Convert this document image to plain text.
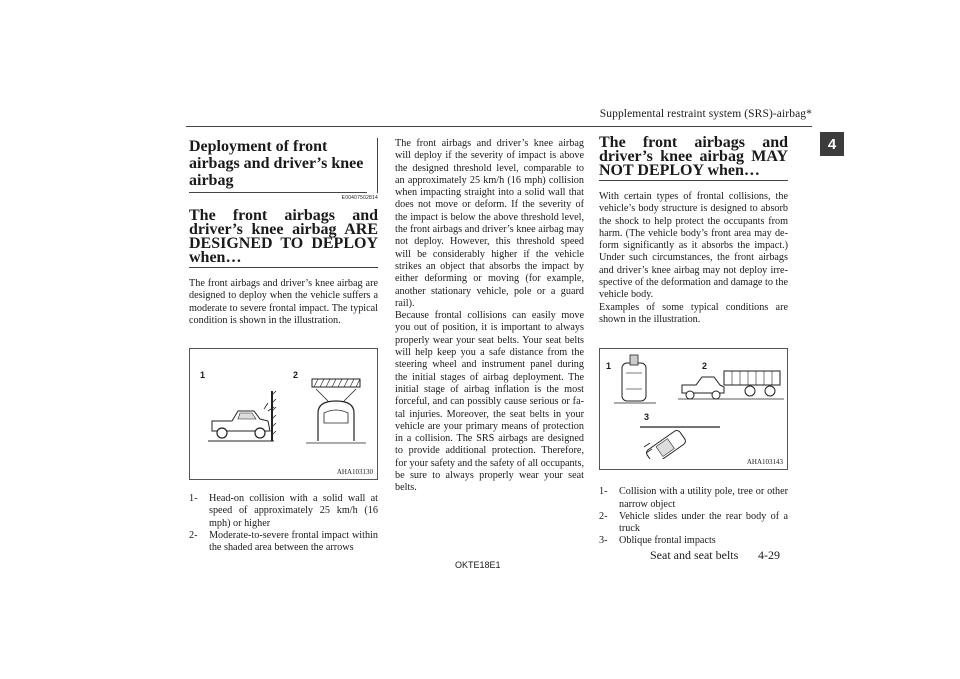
Supplemental restraint system (SRS)-airbag*
4
Deployment of front airbags and driver’s knee airbag
E00407502814
The front airbags and driver’s knee airbag ARE DESIGNED TO DEPLOY when…

The front airbags and driver’s knee airbag are designed to deploy when the vehicle suffers a moderate to severe frontal impact. The typical condition is shown in the illustration.

1	2
AHA103130
1-	Head-on collision with a solid wall at speed of approximately 25 km/h (16 mph) or higher
2-	Moderate-to-severe frontal impact within the shaded area between the arrows

The front airbags and driver’s knee airbag will deploy if the severity of impact is above the designed threshold level, comparable to an approximately 25 km/h (16 mph) collision when impacting straight into a solid wall that does not move or deform. If the severity of the impact is below the above threshold level, the front airbags and driver’s knee airbag may not deploy. However, this threshold speed will be considerably higher if the vehicle strikes an object that absorbs the impact by either deforming or moving (for example, another stationary vehicle, pole or a guard rail).

Because frontal collisions can easily move you out of position, it is important to always properly wear your seat belts. Your seat belts will help keep you a safe distance from the steering wheel and instrument panel during the initial stages of airbag deployment. The initial stage of airbag inflation is the most forceful, and can possibly cause serious or fatal injuries. Moreover, the seat belts in your vehicle are your primary means of protection in a collision. The SRS airbags are designed to provide additional protection. Therefore, for your safety and the safety of all occupants, be sure to always properly wear your seat belts.

The front airbags and driver’s knee airbag MAY NOT DEPLOY when…

With certain types of frontal collisions, the vehicle’s body structure is designed to absorb the shock to help protect the occupants from harm. (The vehicle body’s front area may deform significantly as it absorbs the impact.) Under such circumstances, the front airbags and driver’s knee airbag may not deploy irrespective of the deformation and damage to the vehicle body.

Examples of some typical conditions are shown in the illustration.

1	2
3
AHA103143
1-	Collision with a utility pole, tree or other narrow object
2-	Vehicle slides under the rear body of a truck
3-	Oblique frontal impacts
OKTE18E1
Seat and seat belts 4-29
